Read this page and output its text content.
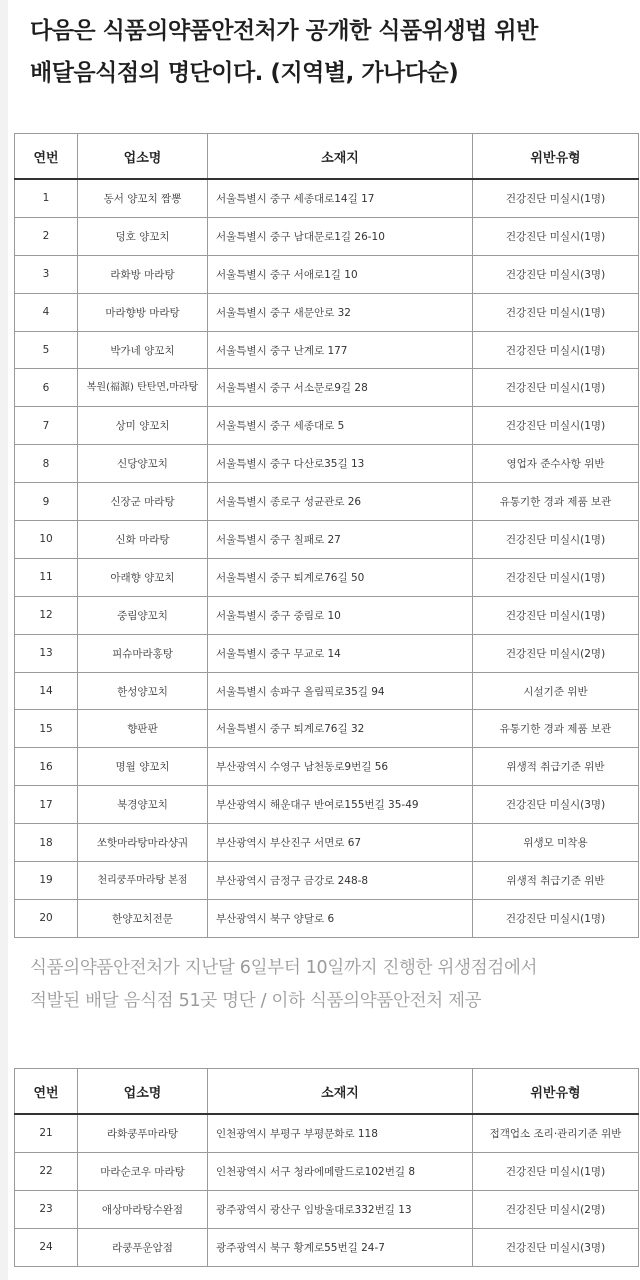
다음은 식품의약품안전처가 공개한 식품위생법 위반
배달음식점의 명단이다. (지역별, 가나다순)
연번	업소명	소재지	위반유형
1	동서 양꼬치 짬뽕	서울특별시 중구 세종대로14길 17	건강진단 미실시(1명)
2	덩호 양꼬치	서울특별시 중구 남대문로1길 26-10	건강진단 미실시(1명)
3	라화방 마라탕	서울특별시 중구 서애로1길 10	건강진단 미실시(3명)
4	마라향방 마라탕	서울특별시 중구 새문안로 32	건강진단 미실시(1명)
5	박가네 양꼬치	서울특별시 중구 난계로 177	건강진단 미실시(1명)
6	복원(福源) 탄탄면,마라탕	서울특별시 중구 서소문로9길 28	건강진단 미실시(1명)
7	상미 양꼬치	서울특별시 중구 세종대로 5	건강진단 미실시(1명)
8	신당양꼬치	서울특별시 중구 다산로35길 13	영업자 준수사항 위반
9	신장군 마라탕	서울특별시 종로구 성균관로 26	유통기한 경과 제품 보관
10	신화 마라탕	서울특별시 중구 칠패로 27	건강진단 미실시(1명)
11	아래향 양꼬치	서울특별시 중구 퇴계로76길 50	건강진단 미실시(1명)
12	중림양꼬치	서울특별시 중구 중림로 10	건강진단 미실시(1명)
13	피슈마라홍탕	서울특별시 중구 무교로 14	건강진단 미실시(2명)
14	한성양꼬치	서울특별시 송파구 올림픽로35길 94	시설기준 위반
15	향판판	서울특별시 중구 퇴계로76길 32	유통기한 경과 제품 보관
16	명월 양꼬치	부산광역시 수영구 남천동로9번길 56	위생적 취급기준 위반
17	북경양꼬치	부산광역시 해운대구 반여로155번길 35-49	건강진단 미실시(3명)
18	쏘핫마라탕마라샹궈	부산광역시 부산진구 서면로 67	위생모 미착용
19	천리쿵푸마라탕 본점	부산광역시 금정구 금강로 248-8	위생적 취급기준 위반
20	한양꼬치전문	부산광역시 북구 양달로 6	건강진단 미실시(1명)
식품의약품안전처가 지난달 6일부터 10일까지 진행한 위생점검에서
적발된 배달 음식점 51곳 명단 / 이하 식품의약품안전처 제공
연번	업소명	소재지	위반유형
21	라화쿵푸마라탕	인천광역시 부평구 부평문화로 118	접객업소 조리·관리기준 위반
22	마라순코우 마라탕	인천광역시 서구 청라에메랄드로102번길 8	건강진단 미실시(1명)
23	애상마라탕수완점	광주광역시 광산구 임방울대로332번길 13	건강진단 미실시(2명)
24	라쿵푸운암점	광주광역시 북구 황계로55번길 24-7	건강진단 미실시(3명)
